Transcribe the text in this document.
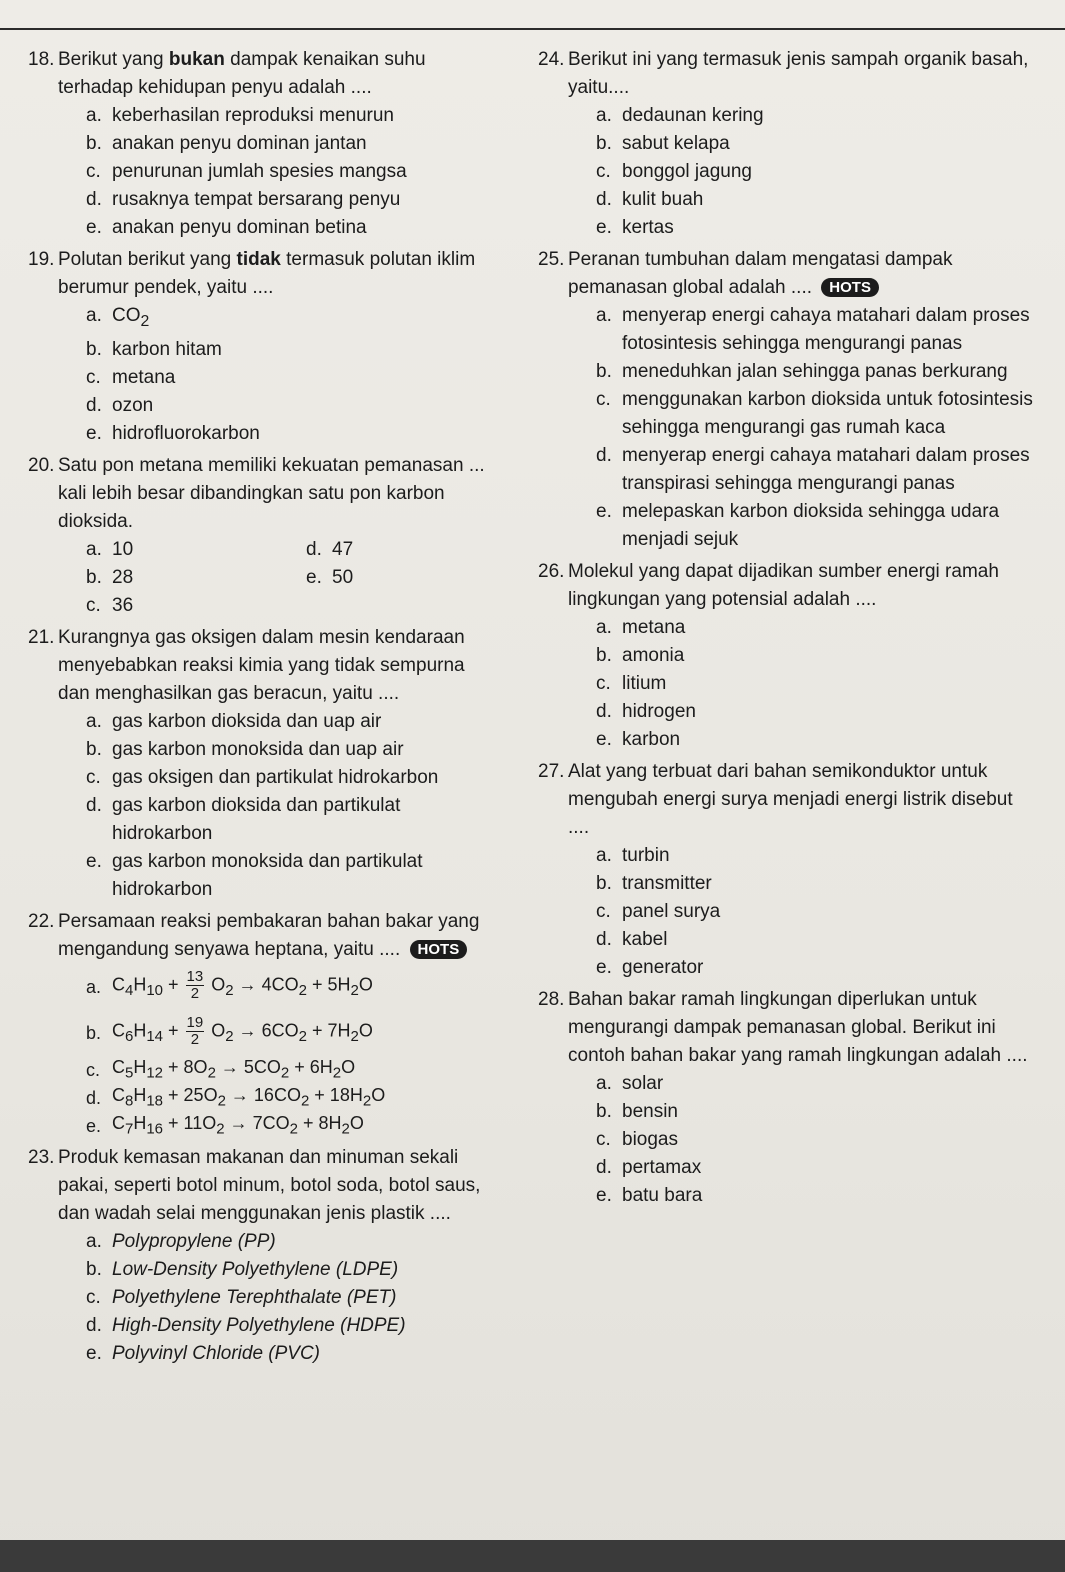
18. Berikut yang bukan dampak kenaikan suhu terhadap kehidupan penyu adalah ....
a. keberhasilan reproduksi menurun
b. anakan penyu dominan jantan
c. penurunan jumlah spesies mangsa
d. rusaknya tempat bersarang penyu
e. anakan penyu dominan betina
19. Polutan berikut yang tidak termasuk polutan iklim berumur pendek, yaitu ....
a. $CO_2$
b. karbon hitam
c. metana
d. ozon
e. hidrofluorokarbon
20. Satu pon metana memiliki kekuatan pemanasan ... kali lebih besar dibandingkan satu pon karbon dioksida.
a. 10	d. 47
b. 28	e. 50
c. 36
21. Kurangnya gas oksigen dalam mesin kendaraan menyebabkan reaksi kimia yang tidak sempurna dan menghasilkan gas beracun, yaitu ....
a. gas karbon dioksida dan uap air
b. gas karbon monoksida dan uap air
c. gas oksigen dan partikulat hidrokarbon
d. gas karbon dioksida dan partikulat hidrokarbon
e. gas karbon monoksida dan partikulat hidrokarbon
22. Persamaan reaksi pembakaran bahan bakar yang mengandung senyawa heptana, yaitu .... HOTS
a. $C_4H_{10} + \frac{13}{2} O_2 \to 4CO_2 + 5H_2O$
b. $C_6H_{14} + \frac{19}{2} O_2 \to 6CO_2 + 7H_2O$
c. $C_5H_{12} + 8O_2 \to 5CO_2 + 6H_2O$
d. $C_8H_{18} + 25O_2 \to 16CO_2 + 18H_2O$
e. $C_7H_{16} + 11O_2 \to 7CO_2 + 8H_2O$
23. Produk kemasan makanan dan minuman sekali pakai, seperti botol minum, botol soda, botol saus, dan wadah selai menggunakan jenis plastik ....
a. Polypropylene (PP)
b. Low-Density Polyethylene (LDPE)
c. Polyethylene Terephthalate (PET)
d. High-Density Polyethylene (HDPE)
e. Polyvinyl Chloride (PVC)
24. Berikut ini yang termasuk jenis sampah organik basah, yaitu....
a. dedaunan kering
b. sabut kelapa
c. bonggol jagung
d. kulit buah
e. kertas
25. Peranan tumbuhan dalam mengatasi dampak pemanasan global adalah .... HOTS
a. menyerap energi cahaya matahari dalam proses fotosintesis sehingga mengurangi panas
b. meneduhkan jalan sehingga panas berkurang
c. menggunakan karbon dioksida untuk fotosintesis sehingga mengurangi gas rumah kaca
d. menyerap energi cahaya matahari dalam proses transpirasi sehingga mengurangi panas
e. melepaskan karbon dioksida sehingga udara menjadi sejuk
26. Molekul yang dapat dijadikan sumber energi ramah lingkungan yang potensial adalah ....
a. metana
b. amonia
c. litium
d. hidrogen
e. karbon
27. Alat yang terbuat dari bahan semikonduktor untuk mengubah energi surya menjadi energi listrik disebut ....
a. turbin
b. transmitter
c. panel surya
d. kabel
e. generator
28. Bahan bakar ramah lingkungan diperlukan untuk mengurangi dampak pemanasan global. Berikut ini contoh bahan bakar yang ramah lingkungan adalah ....
a. solar
b. bensin
c. biogas
d. pertamax
e. batu bara
